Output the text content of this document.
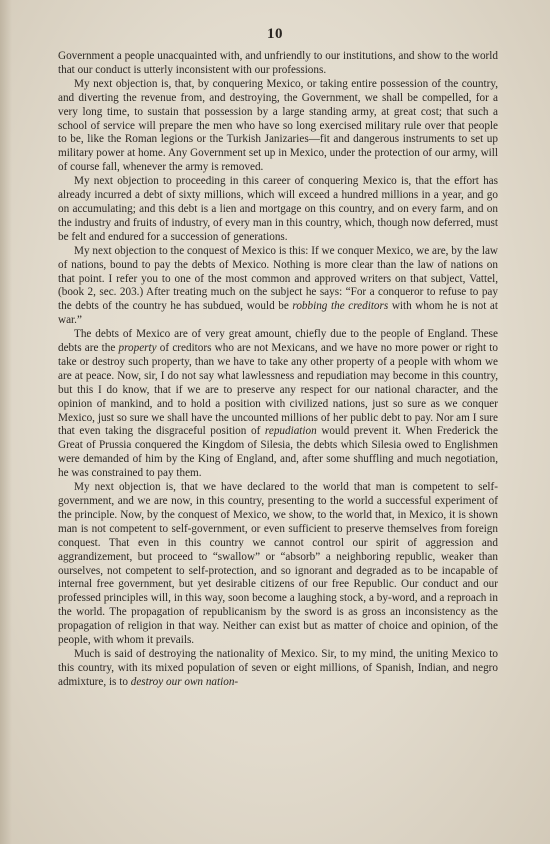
10

Government a people unacquainted with, and unfriendly to our institutions, and show to the world that our conduct is utterly inconsistent with our professions.

My next objection is, that, by conquering Mexico, or taking entire possession of the country, and diverting the revenue from, and destroying, the Government, we shall be compelled, for a very long time, to sustain that possession by a large standing army, at great cost; that such a school of service will prepare the men who have so long exercised military rule over that people to be, like the Roman legions or the Turkish Janizaries—fit and dangerous instruments to set up military power at home. Any Government set up in Mexico, under the protection of our army, will of course fall, whenever the army is removed.

My next objection to proceeding in this career of conquering Mexico is, that the effort has already incurred a debt of sixty millions, which will exceed a hundred millions in a year, and go on accumulating; and this debt is a lien and mortgage on this country, and on every farm, and on the industry and fruits of industry, of every man in this country, which, though now deferred, must be felt and endured for a succession of generations.

My next objection to the conquest of Mexico is this: If we conquer Mexico, we are, by the law of nations, bound to pay the debts of Mexico. Nothing is more clear than the law of nations on that point. I refer you to one of the most common and approved writers on that subject, Vattel, (book 2, sec. 203.) After treating much on the subject he says: “For a conqueror to refuse to pay the debts of the country he has subdued, would be robbing the creditors with whom he is not at war.”

The debts of Mexico are of very great amount, chiefly due to the people of England. These debts are the property of creditors who are not Mexicans, and we have no more power or right to take or destroy such property, than we have to take any other property of a people with whom we are at peace. Now, sir, I do not say what lawlessness and repudiation may become in this country, but this I do know, that if we are to preserve any respect for our national character, and the opinion of mankind, and to hold a position with civilized nations, just so sure as we conquer Mexico, just so sure we shall have the uncounted millions of her public debt to pay. Nor am I sure that even taking the disgraceful position of repudiation would prevent it. When Frederick the Great of Prussia conquered the Kingdom of Silesia, the debts which Silesia owed to Englishmen were demanded of him by the King of England, and, after some shuffling and much negotiation, he was constrained to pay them.

My next objection is, that we have declared to the world that man is competent to self-government, and we are now, in this country, presenting to the world a successful experiment of the principle. Now, by the conquest of Mexico, we show, to the world that, in Mexico, it is shown man is not competent to self-government, or even sufficient to preserve themselves from foreign conquest. That even in this country we cannot control our spirit of aggression and aggrandizement, but proceed to “swallow” or “absorb” a neighboring republic, weaker than ourselves, not competent to self-protection, and so ignorant and degraded as to be incapable of internal free government, but yet desirable citizens of our free Republic. Our conduct and our professed principles will, in this way, soon become a laughing stock, a by-word, and a reproach in the world. The propagation of republicanism by the sword is as gross an inconsistency as the propagation of religion in that way. Neither can exist but as matter of choice and opinion, of the people, with whom it prevails.

Much is said of destroying the nationality of Mexico. Sir, to my mind, the uniting Mexico to this country, with its mixed population of seven or eight millions, of Spanish, Indian, and negro admixture, is to destroy our own nation-
